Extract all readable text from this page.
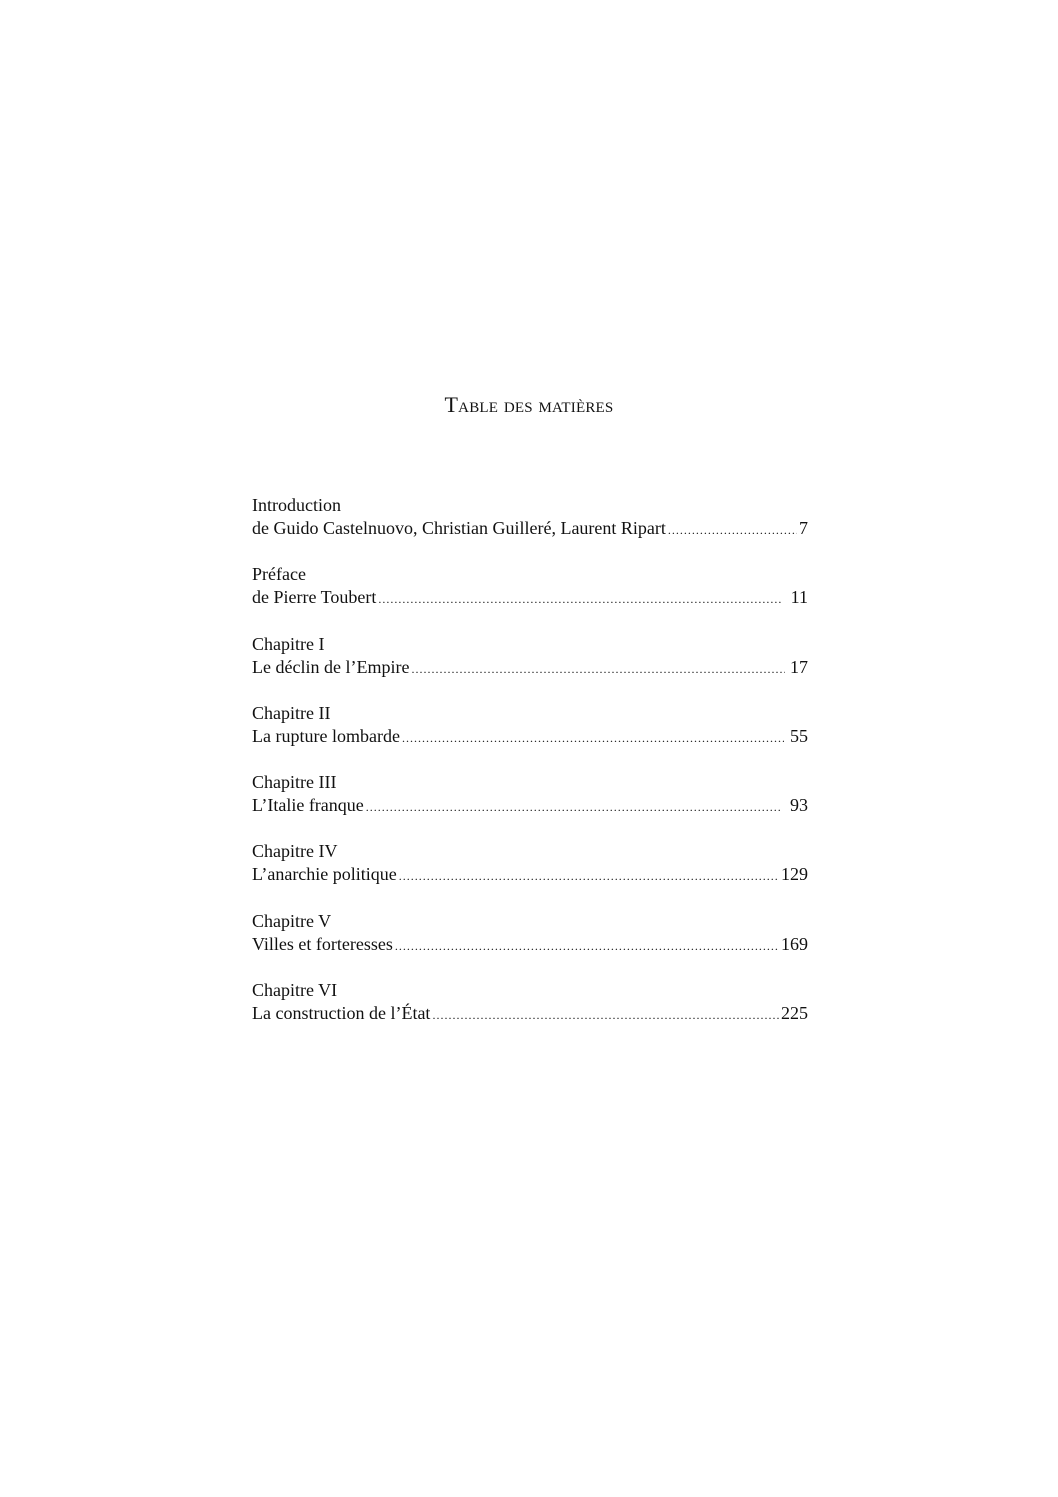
Table des matières
Introduction
de Guido Castelnuovo, Christian Guilleré, Laurent Ripart .....	7
Préface
de Pierre Toubert .....	11
Chapitre I
Le déclin de l’Empire .....	17
Chapitre II
La rupture lombarde .....	55
Chapitre III
L’Italie franque .....	93
Chapitre IV
L’anarchie politique .....	129
Chapitre V
Villes et forteresses .....	169
Chapitre VI
La construction de l’État .....	225
